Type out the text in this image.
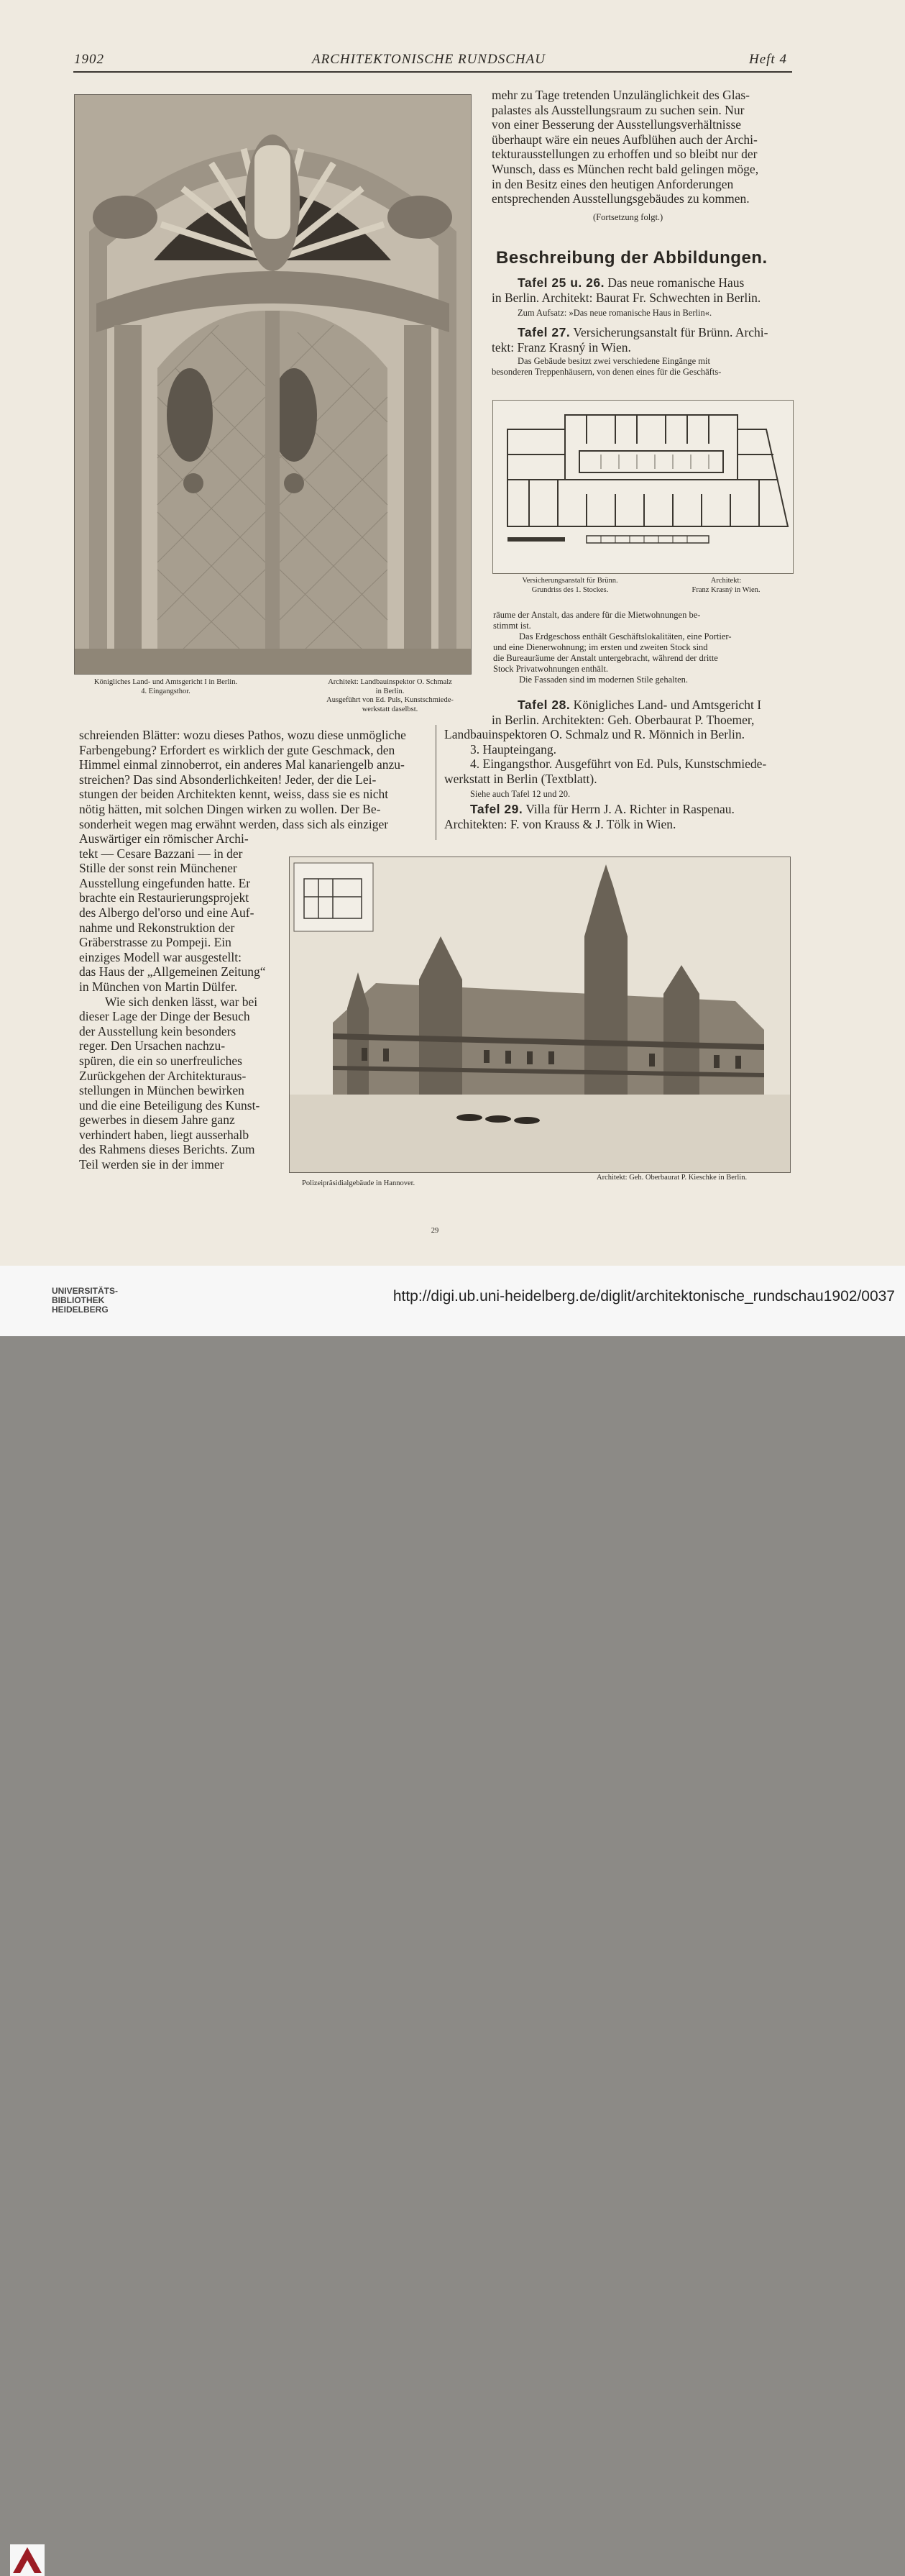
1902	ARCHITEKTONISCHE RUNDSCHAU	Heft 4
Königliches Land- und Amtsgericht I in Berlin.
4. Eingangsthor.
Architekt: Landbauinspektor O. Schmalz
in Berlin.
Ausgeführt von Ed. Puls, Kunstschmiede-
werkstatt daselbst.
mehr zu Tage tretenden Unzulänglichkeit des Glas-
palastes als Ausstellungsraum zu suchen sein. Nur
von einer Besserung der Ausstellungsverhältnisse
überhaupt wäre ein neues Aufblühen auch der Archi-
tekturausstellungen zu erhoffen und so bleibt nur der
Wunsch, dass es München recht bald gelingen möge,
in den Besitz eines den heutigen Anforderungen
entsprechenden Ausstellungsgebäudes zu kommen.
(Fortsetzung folgt.)
Beschreibung der Abbildungen.
Tafel 25 u. 26. Das neue romanische Haus
in Berlin. Architekt: Baurat Fr. Schwechten in Berlin.
Zum Aufsatz: »Das neue romanische Haus in Berlin«.
Tafel 27. Versicherungsanstalt für Brünn. Archi-
tekt: Franz Krasný in Wien.
Das Gebäude besitzt zwei verschiedene Eingänge mit
besonderen Treppenhäusern, von denen eines für die Geschäfts-
Versicherungsanstalt für Brünn.
Grundriss des 1. Stockes.
Architekt:
Franz Krasný in Wien.
räume der Anstalt, das andere für die Mietwohnungen be-
stimmt ist.
Das Erdgeschoss enthält Geschäftslokalitäten, eine Portier-
und eine Dienerwohnung; im ersten und zweiten Stock sind
die Bureauräume der Anstalt untergebracht, während der dritte
Stock Privatwohnungen enthält.
Die Fassaden sind im modernen Stile gehalten.
Tafel 28. Königliches Land- und Amtsgericht I
in Berlin. Architekten: Geh. Oberbaurat P. Thoemer,
Landbauinspektoren O. Schmalz und R. Mönnich in Berlin.
3. Haupteingang.
4. Eingangsthor. Ausgeführt von Ed. Puls, Kunstschmiede-
werkstatt in Berlin (Textblatt).
Siehe auch Tafel 12 und 20.
Tafel 29. Villa für Herrn J. A. Richter in Raspenau.
Architekten: F. von Krauss & J. Tölk in Wien.
schreienden Blätter: wozu dieses Pathos, wozu diese unmögliche
Farbengebung? Erfordert es wirklich der gute Geschmack, den
Himmel einmal zinnoberrot, ein anderes Mal kanariengelb anzu-
streichen? Das sind Absonderlichkeiten! Jeder, der die Lei-
stungen der beiden Architekten kennt, weiss, dass sie es nicht
nötig hätten, mit solchen Dingen wirken zu wollen. Der Be-
sonderheit wegen mag erwähnt werden, dass sich als einziger
Auswärtiger ein römischer Archi-
tekt — Cesare Bazzani — in der
Stille der sonst rein Münchener
Ausstellung eingefunden hatte. Er
brachte ein Restaurierungsprojekt
des Albergo del'orso und eine Auf-
nahme und Rekonstruktion der
Gräberstrasse zu Pompeji. Ein
einziges Modell war ausgestellt:
das Haus der „Allgemeinen Zeitung“
in München von Martin Dülfer.
Wie sich denken lässt, war bei
dieser Lage der Dinge der Besuch
der Ausstellung kein besonders
reger. Den Ursachen nachzu-
spüren, die ein so unerfreuliches
Zurückgehen der Architekturaus-
stellungen in München bewirken
und die eine Beteiligung des Kunst-
gewerbes in diesem Jahre ganz
verhindert haben, liegt ausserhalb
des Rahmens dieses Berichts. Zum
Teil werden sie in der immer
Polizeipräsidialgebäude in Hannover.
Architekt: Geh. Oberbaurat P. Kieschke in Berlin.
29
UNIVERSITÄTS-
BIBLIOTHEK
HEIDELBERG
http://digi.ub.uni-heidelberg.de/diglit/architektonische_rundschau1902/0037
